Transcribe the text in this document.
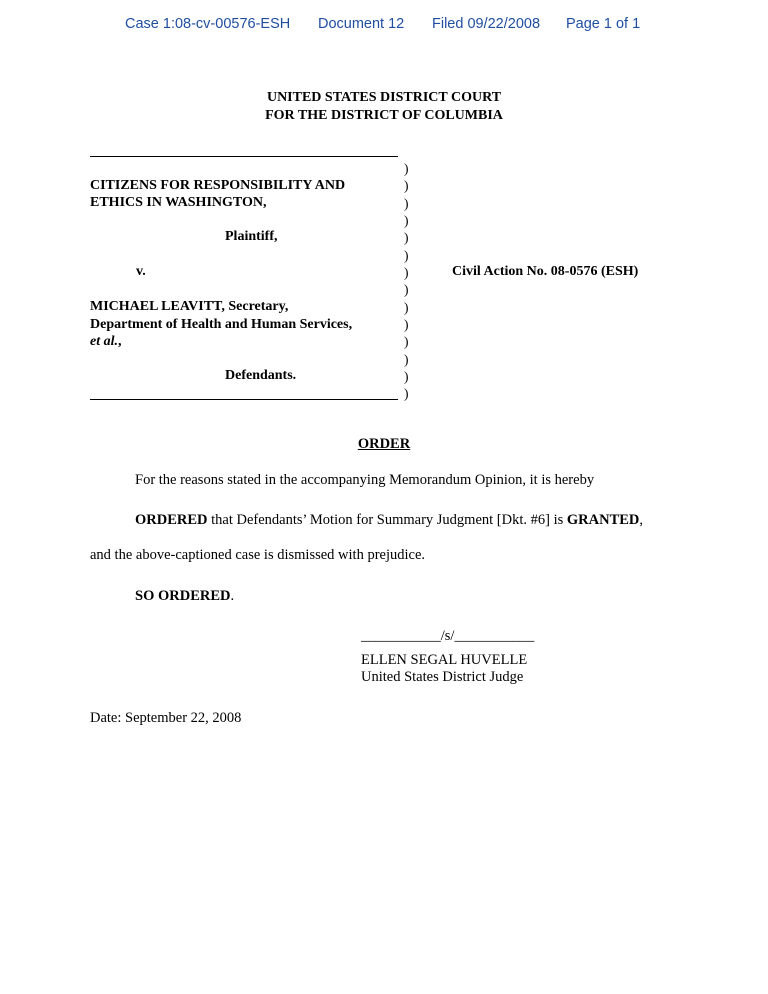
Case 1:08-cv-00576-ESH Document 12 Filed 09/22/2008 Page 1 of 1
UNITED STATES DISTRICT COURT
FOR THE DISTRICT OF COLUMBIA
)
)
)
)
)
)
)
)
)
)
)
)
)
)
CITIZENS FOR RESPONSIBILITY AND
ETHICS IN WASHINGTON,
Plaintiff,
v.	Civil Action No. 08-0576 (ESH)
MICHAEL LEAVITT, Secretary,
Department of Health and Human Services,
et al.,
Defendants.
ORDER
For the reasons stated in the accompanying Memorandum Opinion, it is hereby
ORDERED that Defendants’ Motion for Summary Judgment [Dkt. #6] is GRANTED,
and the above-captioned case is dismissed with prejudice.
SO ORDERED.
___________/s/___________
ELLEN SEGAL HUVELLE
United States District Judge
Date: September 22, 2008
